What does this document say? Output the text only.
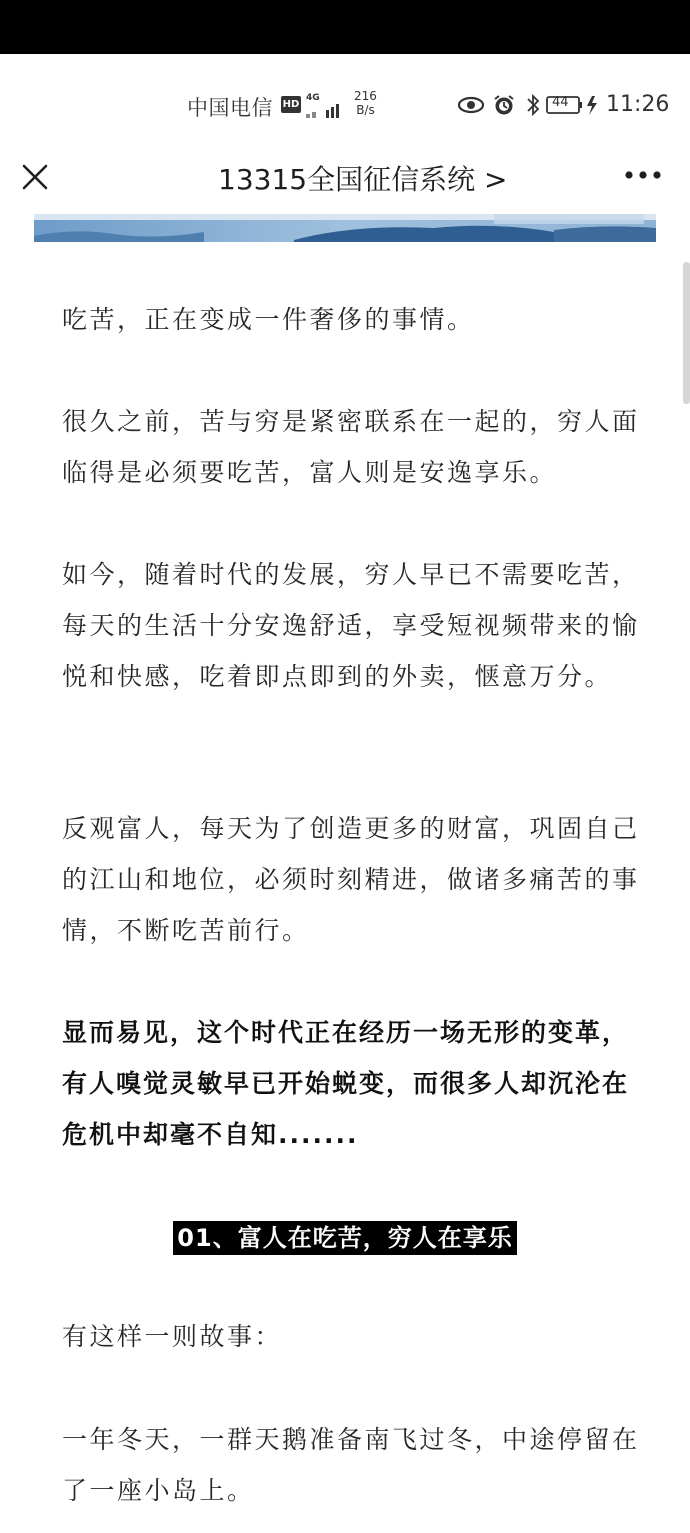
中国电信 HD
4G	216
B/s	44 11:26
13315全国征信系统 >

吃苦，正在变成一件奢侈的事情。

很久之前，苦与穷是紧密联系在一起的，穷人面临得是必须要吃苦，富人则是安逸享乐。

如今，随着时代的发展，穷人早已不需要吃苦，每天的生活十分安逸舒适，享受短视频带来的愉悦和快感，吃着即点即到的外卖，惬意万分。

反观富人，每天为了创造更多的财富，巩固自己的江山和地位，必须时刻精进，做诸多痛苦的事情，不断吃苦前行。

显而易见，这个时代正在经历一场无形的变革，有人嗅觉灵敏早已开始蜕变，而很多人却沉沦在危机中却毫不自知.......

01、富人在吃苦，穷人在享乐

有这样一则故事：

一年冬天，一群天鹅准备南飞过冬，中途停留在了一座小岛上。
